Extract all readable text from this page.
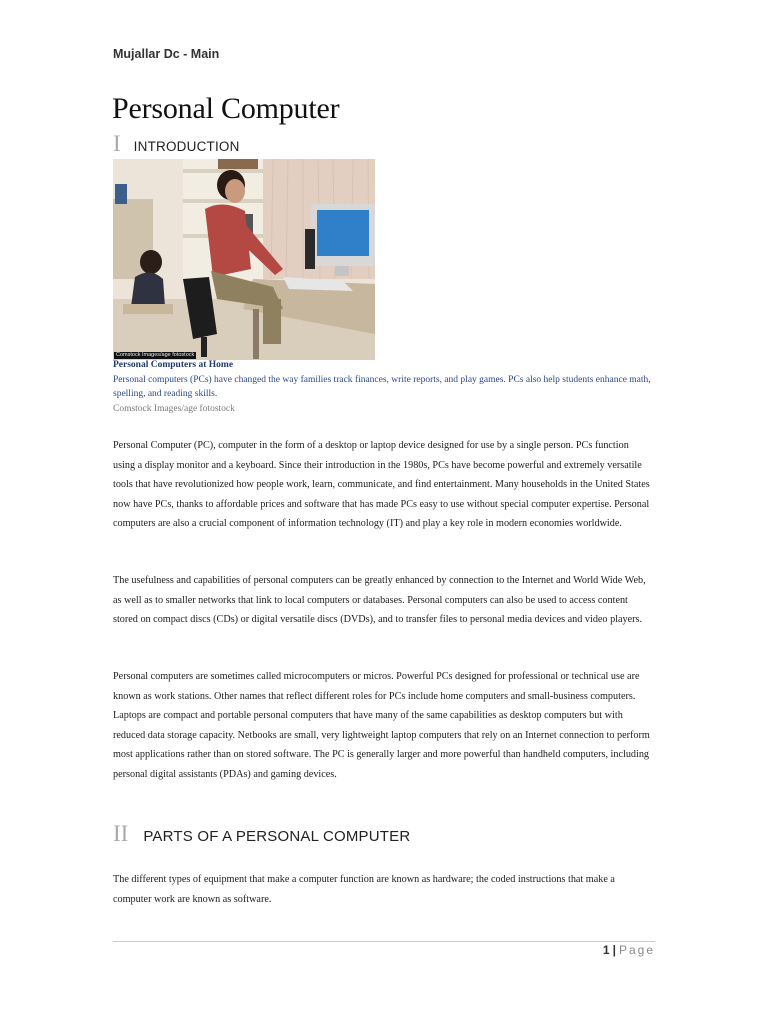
Mujallar Dc - Main
Personal Computer
I INTRODUCTION
Comstock Images/age fotostock
Personal Computers at Home
Personal computers (PCs) have changed the way families track finances, write reports, and play games. PCs also help students enhance math, spelling, and reading skills.
Comstock Images/age fotostock

Personal Computer (PC), computer in the form of a desktop or laptop device designed for use by a single person. PCs function using a display monitor and a keyboard. Since their introduction in the 1980s, PCs have become powerful and extremely versatile tools that have revolutionized how people work, learn, communicate, and find entertainment. Many households in the United States now have PCs, thanks to affordable prices and software that has made PCs easy to use without special computer expertise. Personal computers are also a crucial component of information technology (IT) and play a key role in modern economies worldwide.

The usefulness and capabilities of personal computers can be greatly enhanced by connection to the Internet and World Wide Web, as well as to smaller networks that link to local computers or databases. Personal computers can also be used to access content stored on compact discs (CDs) or digital versatile discs (DVDs), and to transfer files to personal media devices and video players.

Personal computers are sometimes called microcomputers or micros. Powerful PCs designed for professional or technical use are known as work stations. Other names that reflect different roles for PCs include home computers and small-business computers. Laptops are compact and portable personal computers that have many of the same capabilities as desktop computers but with reduced data storage capacity. Netbooks are small, very lightweight laptop computers that rely on an Internet connection to perform most applications rather than on stored software. The PC is generally larger and more powerful than handheld computers, including personal digital assistants (PDAs) and gaming devices.

II PARTS OF A PERSONAL COMPUTER

The different types of equipment that make a computer function are known as hardware; the coded instructions that make a computer work are known as software.

1 | Page
